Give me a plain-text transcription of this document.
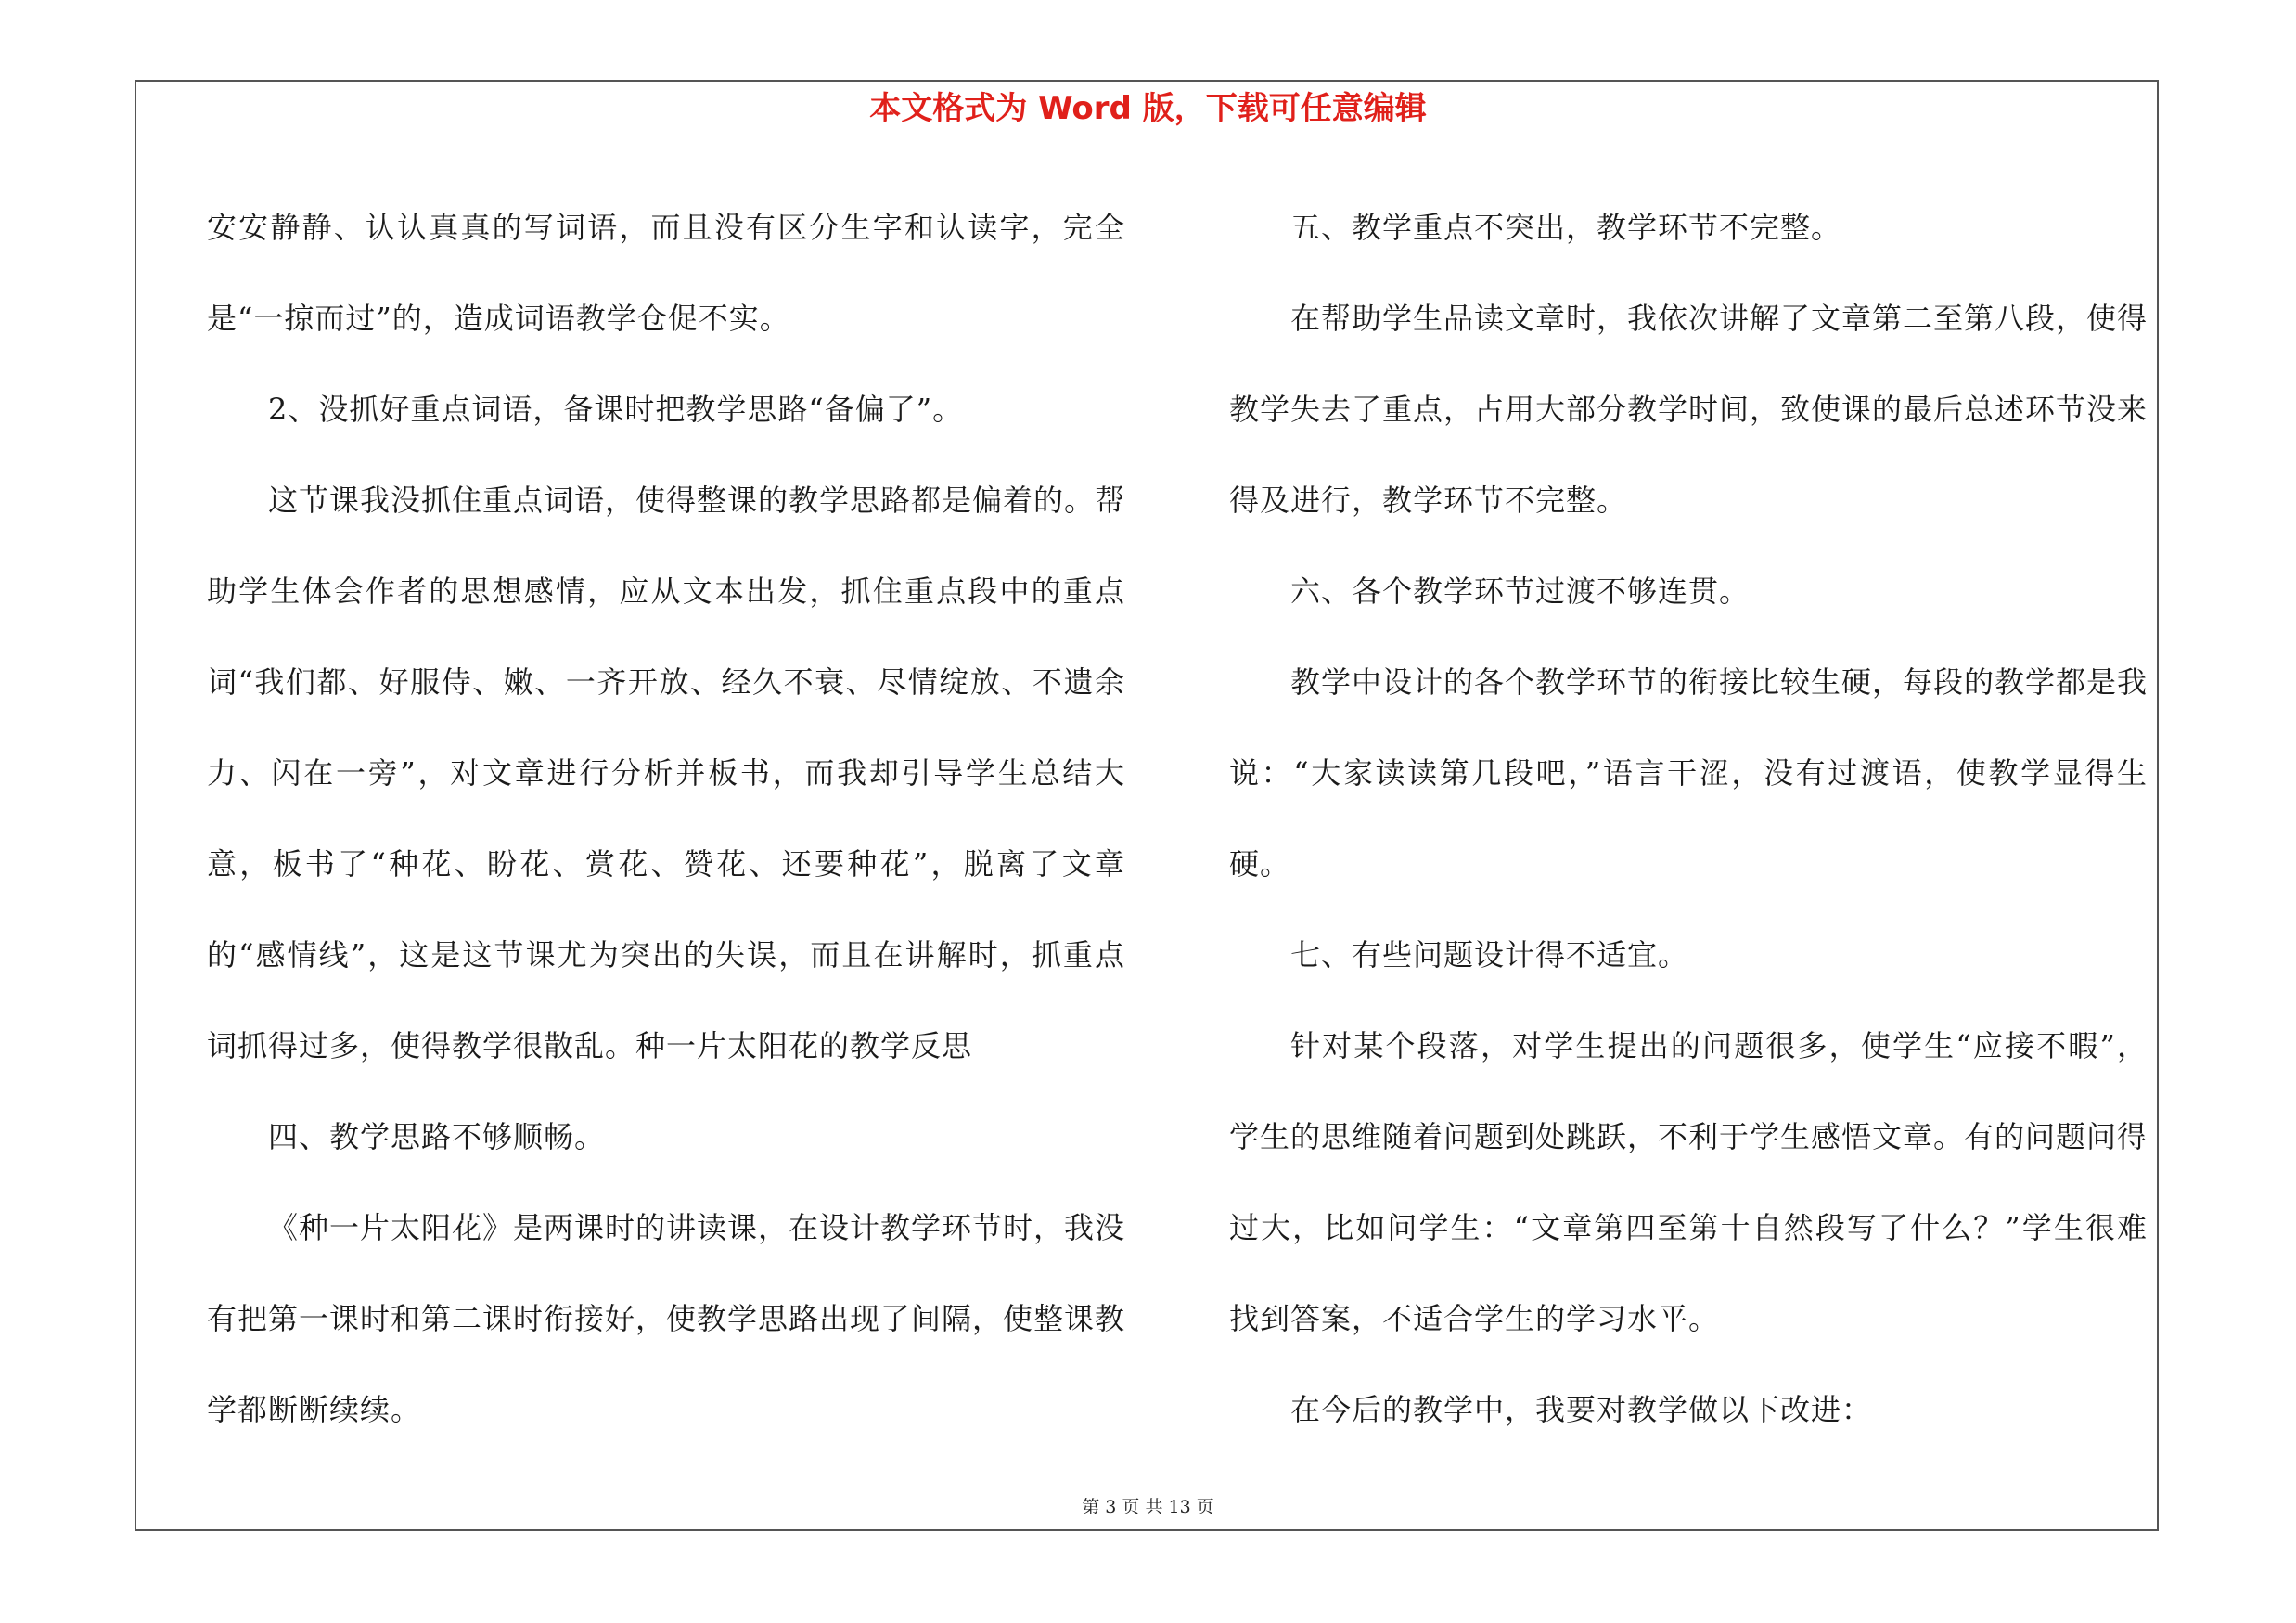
本文格式为 Word 版，下载可任意编辑

安安静静、认认真真的写词语，而且没有区分生字和认读字，完全是“一掠而过”的，造成词语教学仓促不实。

2、没抓好重点词语，备课时把教学思路“备偏了”。

这节课我没抓住重点词语，使得整课的教学思路都是偏着的。帮助学生体会作者的思想感情，应从文本出发，抓住重点段中的重点词“我们都、好服侍、嫩、一齐开放、经久不衰、尽情绽放、不遗余力、闪在一旁”，对文章进行分析并板书，而我却引导学生总结大意，板书了“种花、盼花、赏花、赞花、还要种花”，脱离了文章的“感情线”，这是这节课尤为突出的失误，而且在讲解时，抓重点词抓得过多，使得教学很散乱。种一片太阳花的教学反思

四、教学思路不够顺畅。

《种一片太阳花》是两课时的讲读课，在设计教学环节时，我没有把第一课时和第二课时衔接好，使教学思路出现了间隔，使整课教学都断断续续。

五、教学重点不突出，教学环节不完整。

在帮助学生品读文章时，我依次讲解了文章第二至第八段，使得教学失去了重点，占用大部分教学时间，致使课的最后总述环节没来得及进行，教学环节不完整。

六、各个教学环节过渡不够连贯。

教学中设计的各个教学环节的衔接比较生硬，每段的教学都是我说：“大家读读第几段吧，”语言干涩，没有过渡语，使教学显得生硬。

七、有些问题设计得不适宜。

针对某个段落，对学生提出的问题很多，使学生“应接不暇”，学生的思维随着问题到处跳跃，不利于学生感悟文章。有的问题问得过大，比如问学生：“文章第四至第十自然段写了什么？”学生很难找到答案，不适合学生的学习水平。

在今后的教学中，我要对教学做以下改进：

第 3 页 共 13 页
